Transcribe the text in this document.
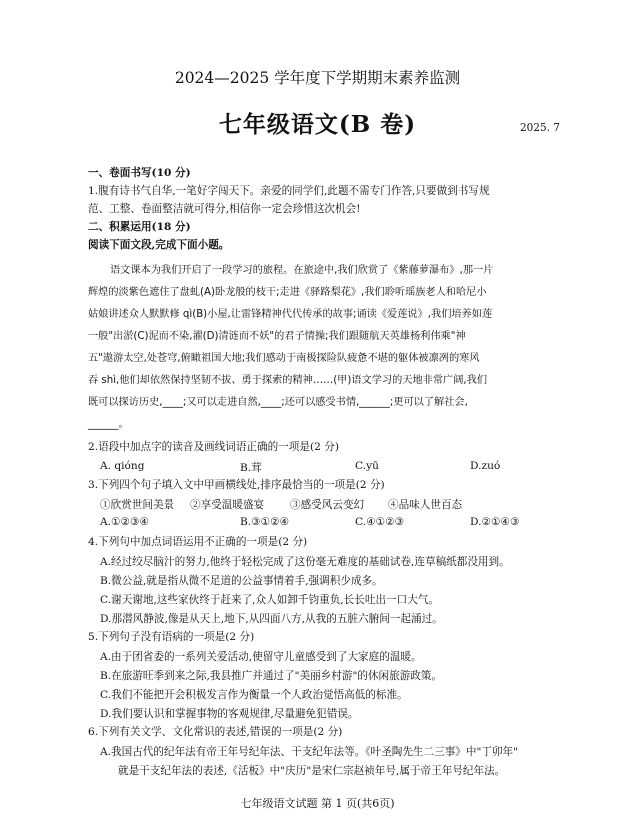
2024—2025 学年度下学期期末素养监测
七年级语文(B 卷)	2025. 7
一、卷面书写(10 分)
1.腹有诗书气自华,一笔好字闯天下。亲爱的同学们,此题不需专门作答,只要做到书写规
范、工整、卷面整洁就可得分,相信你一定会珍惜这次机会!
二、积累运用(18 分)
阅读下面文段,完成下面小题。
语文课本为我们开启了一段学习的旅程。在旅途中,我们欣赏了《紫藤萝瀑布》,那一片
辉煌的淡紫色遮住了盘虬(A)卧龙般的枝干;走进《驿路梨花》,我们聆听瑶族老人和哈尼小
姑娘讲述众人默默修 qì(B)小屋,让雷锋精神代代传承的故事;诵读《爱莲说》,我们培养如莲
一般"出淤(C)泥而不染,濯(D)清涟而不妖"的君子情操;我们跟随航天英雄杨利伟乘"神
五"遨游太空,处苍穹,俯瞰祖国大地;我们感动于南极探险队疲惫不堪的躯体被凛冽的寒风
吞 shì,他们却依然保持坚韧不拔、勇于探索的精神……(甲)语文学习的天地非常广阔,我们
既可以探访历史,____;又可以走进自然,____;还可以感受书情,______;更可以了解社会,
______。
2.语段中加点字的读音及画线词语正确的一项是(2 分)
A. qióng	B.茸	C.yū	D.zuó
3.下列四个句子填入文中甲画横线处,排序最恰当的一项是(2 分)
①欣赏世间美景 ②享受温暖盛宴 ③感受风云变幻 ④品味人世百态
A.①②③④	B.③①②④	C.④①②③	D.②①④③
4.下列句中加点词语运用不正确的一项是(2 分)
A.经过绞尽脑汁的努力,他终于轻松完成了这份毫无难度的基础试卷,连草稿纸都没用到。
B.微公益,就是指从微不足道的公益事情着手,强调积少成多。
C.谢天谢地,这些家伙终于赶来了,众人如卸千钧重负,长长吐出一口大气。
D.那潜风静波,像是从天上,地下,从四面八方,从我的五脏六腑间一起涌过。
5.下列句子没有语病的一项是(2 分)
A.由于团省委的一系列关爱活动,使留守儿童感受到了大家庭的温暖。
B.在旅游旺季到来之际,我县推广并通过了"美丽乡村游"的休闲旅游政策。
C.我们不能把开会积极发言作为衡量一个人政治觉悟高低的标准。
D.我们要认识和掌握事物的客观规律,尽量避免犯错误。
6.下列有关文学、文化常识的表述,错误的一项是(2 分)
A.我国古代的纪年法有帝王年号纪年法、干支纪年法等。《叶圣陶先生二三事》中"丁卯年"
就是干支纪年法的表述,《活板》中"庆历"是宋仁宗赵祯年号,属于帝王年号纪年法。
七年级语文试题 第 1 页(共6页)
